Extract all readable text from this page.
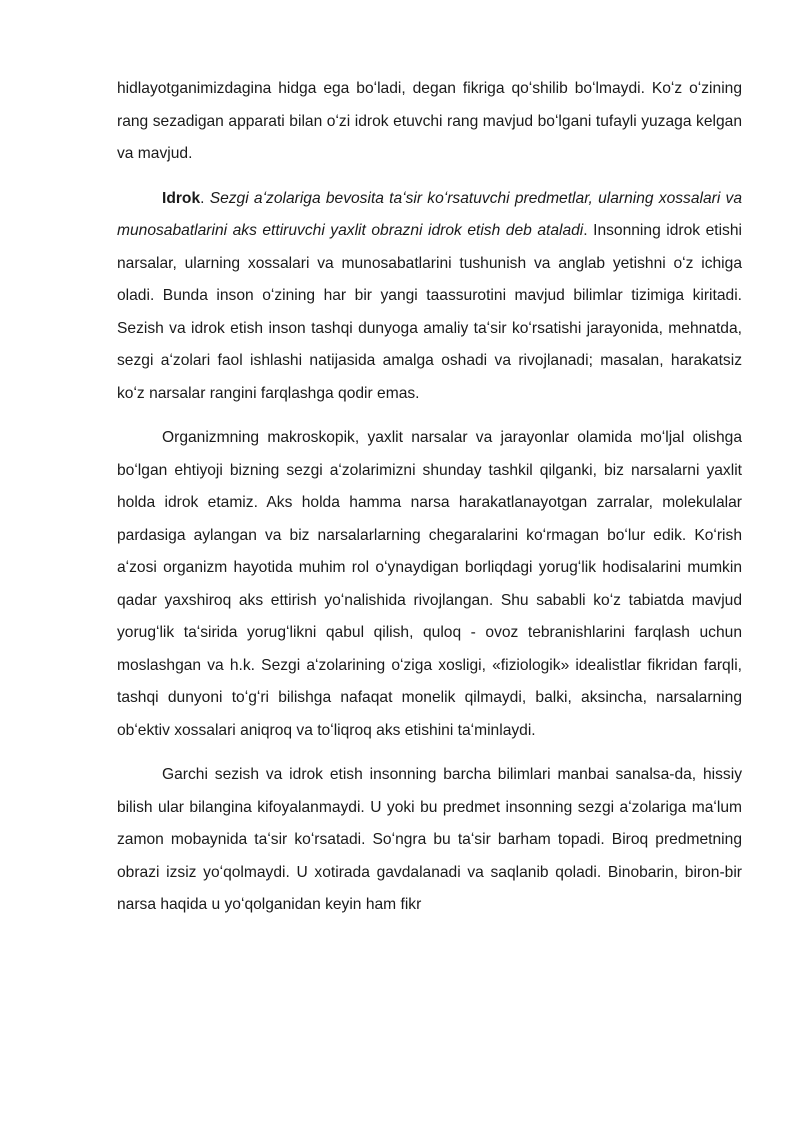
hidlayotganimizdagina hidga ega boʻladi, degan fikriga qoʻshilib boʻlmaydi. Koʻz oʻzining rang sezadigan apparati bilan oʻzi idrok etuvchi rang mavjud boʻlgani tufayli yuzaga kelgan va mavjud.

Idrok. Sezgi aʻzolariga bevosita taʻsir koʻrsatuvchi predmetlar, ularning xossalari va munosabatlarini aks ettiruvchi yaxlit obrazni idrok etish deb ataladi. Insonning idrok etishi narsalar, ularning xossalari va munosabatlarini tushunish va anglab yetishni oʻz ichiga oladi. Bunda inson oʻzining har bir yangi taassurotini mavjud bilimlar tizimiga kiritadi. Sezish va idrok etish inson tashqi dunyoga amaliy taʻsir koʻrsatishi jarayonida, mehnatda, sezgi aʻzolari faol ishlashi natijasida amalga oshadi va rivojlanadi; masalan, harakatsiz koʻz narsalar rangini farqlashga qodir emas.

Organizmning makroskopik, yaxlit narsalar va jarayonlar olamida moʻljal olishga boʻlgan ehtiyoji bizning sezgi aʻzolarimizni shunday tashkil qilganki, biz narsalarni yaxlit holda idrok etamiz. Aks holda hamma narsa harakatlanayotgan zarralar, molekulalar pardasiga aylangan va biz narsalarlarning chegaralarini koʻrmagan boʻlur edik. Koʻrish aʻzosi organizm hayotida muhim rol oʻynaydigan borliqdagi yorugʻlik hodisalarini mumkin qadar yaxshiroq aks ettirish yoʻnalishida rivojlangan. Shu sababli koʻz tabiatda mavjud yorugʻlik taʻsirida yorugʻlikni qabul qilish, quloq - ovoz tebranishlarini farqlash uchun moslashgan va h.k. Sezgi aʻzolarining oʻziga xosligi, «fiziologik» idealistlar fikridan farqli, tashqi dunyoni toʻgʻri bilishga nafaqat monelik qilmaydi, balki, aksincha, narsalarning obʻektiv xossalari aniqroq va toʻliqroq aks etishini taʻminlaydi.

Garchi sezish va idrok etish insonning barcha bilimlari manbai sanalsa-da, hissiy bilish ular bilangina kifoyalanmaydi. U yoki bu predmet insonning sezgi aʻzolariga maʻlum zamon mobaynida taʻsir koʻrsatadi. Soʻngra bu taʻsir barham topadi. Biroq predmetning obrazi izsiz yoʻqolmaydi. U xotirada gavdalanadi va saqlanib qoladi. Binobarin, biron-bir narsa haqida u yoʻqolganidan keyin ham fikr
